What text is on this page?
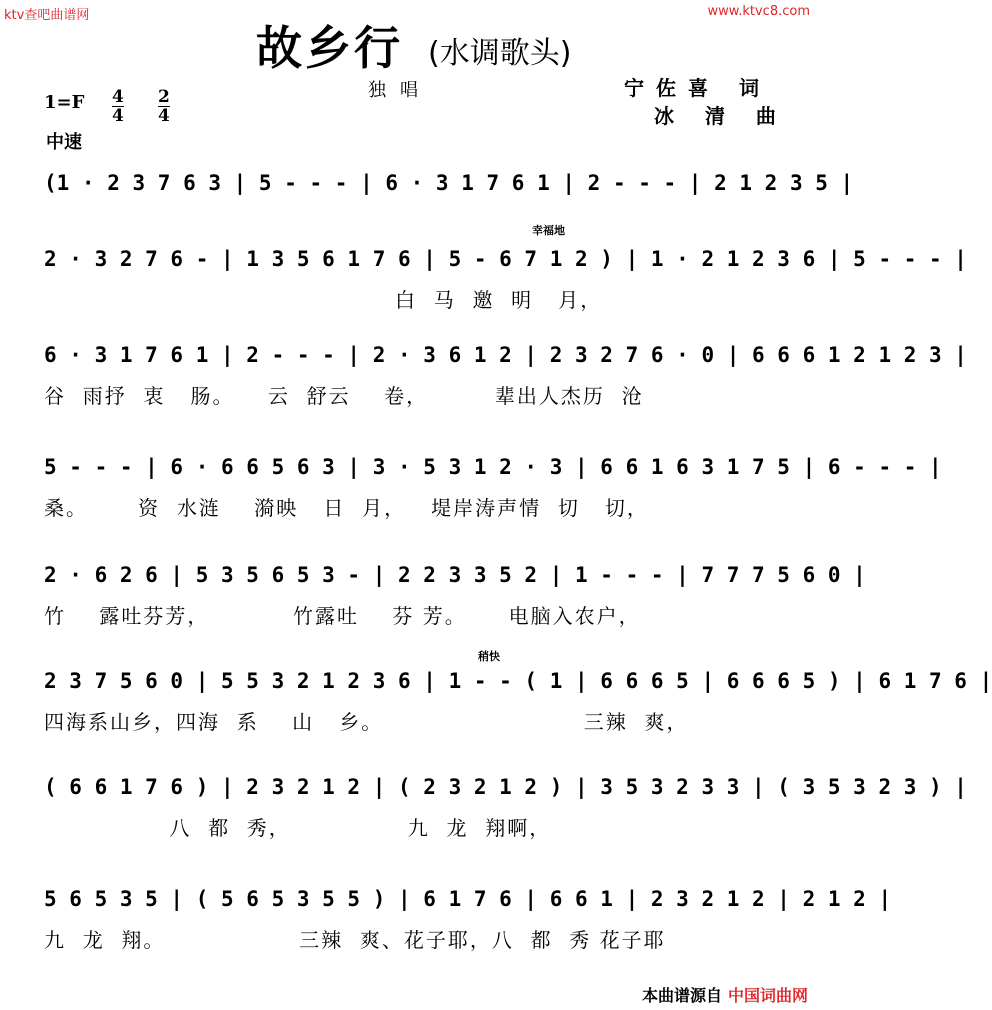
ktv查吧曲谱网	www.ktvc8.com
故乡行 (水调歌头)
独唱	宁佐喜 词
冰 清 曲
$1=F \frac{4}{4} \frac{2}{4}$
中速
幸福地
稍快
(1 · 2 3 7 6 3 | 5 - - - | 6 · 3 1 7 6 1 | 2 - - - | 2 1 2 3 5 |
2 · 3 2 7 6 - | 1 3 5 6 1 7 6 | 5 - 6 7 1 2 ) | 1 · 2 1 2 3 6 | 5 - - - |
白  马  邀  明   月，
6 · 3 1 7 6 1 | 2 - - - | 2 · 3 6 1 2 | 2 3 2 7 6 · 0 | 6 6 6 1 2 1 2 3 |
谷  雨抒  衷   肠。    云  舒云    卷，        辈出人杰历  沧
5 - - - | 6 · 6 6 5 6 3 | 3 · 5 3 1 2 · 3 | 6 6 1 6 3 1 7 5 | 6 - - - |
桑。      资  水涟    漪映   日  月，   堤岸涛声情  切   切，
2 · 6 2 6 | 5 3 5 6 5 3 - | 2 2 3 3 5 2 | 1 - - - | 7 7 7 5 6 0 |
竹    露吐芬芳，          竹露吐    芬 芳。     电脑入农户，
2 3 7 5 6 0 | 5 5 3 2 1 2 3 6 | 1 - - ( 1 | 6 6 6 5 | 6 6 6 5 ) | 6 1 7 6 |
四海系山乡，四海  系    山   乡。                        三辣  爽，
( 6 6 1 7 6 ) | 2 3 2 1 2 | ( 2 3 2 1 2 ) | 3 5 3 2 3 3 | ( 3 5 3 2 3 ) |
八  都  秀，              九  龙  翔啊，
5 6 5 3 5 | ( 5 6 5 3 5 5 ) | 6 1 7 6 | 6 6 1 | 2 3 2 1 2 | 2 1 2 |
九  龙  翔。                三辣  爽、花子耶，八  都  秀 花子耶
本曲谱源自 中国词曲网
